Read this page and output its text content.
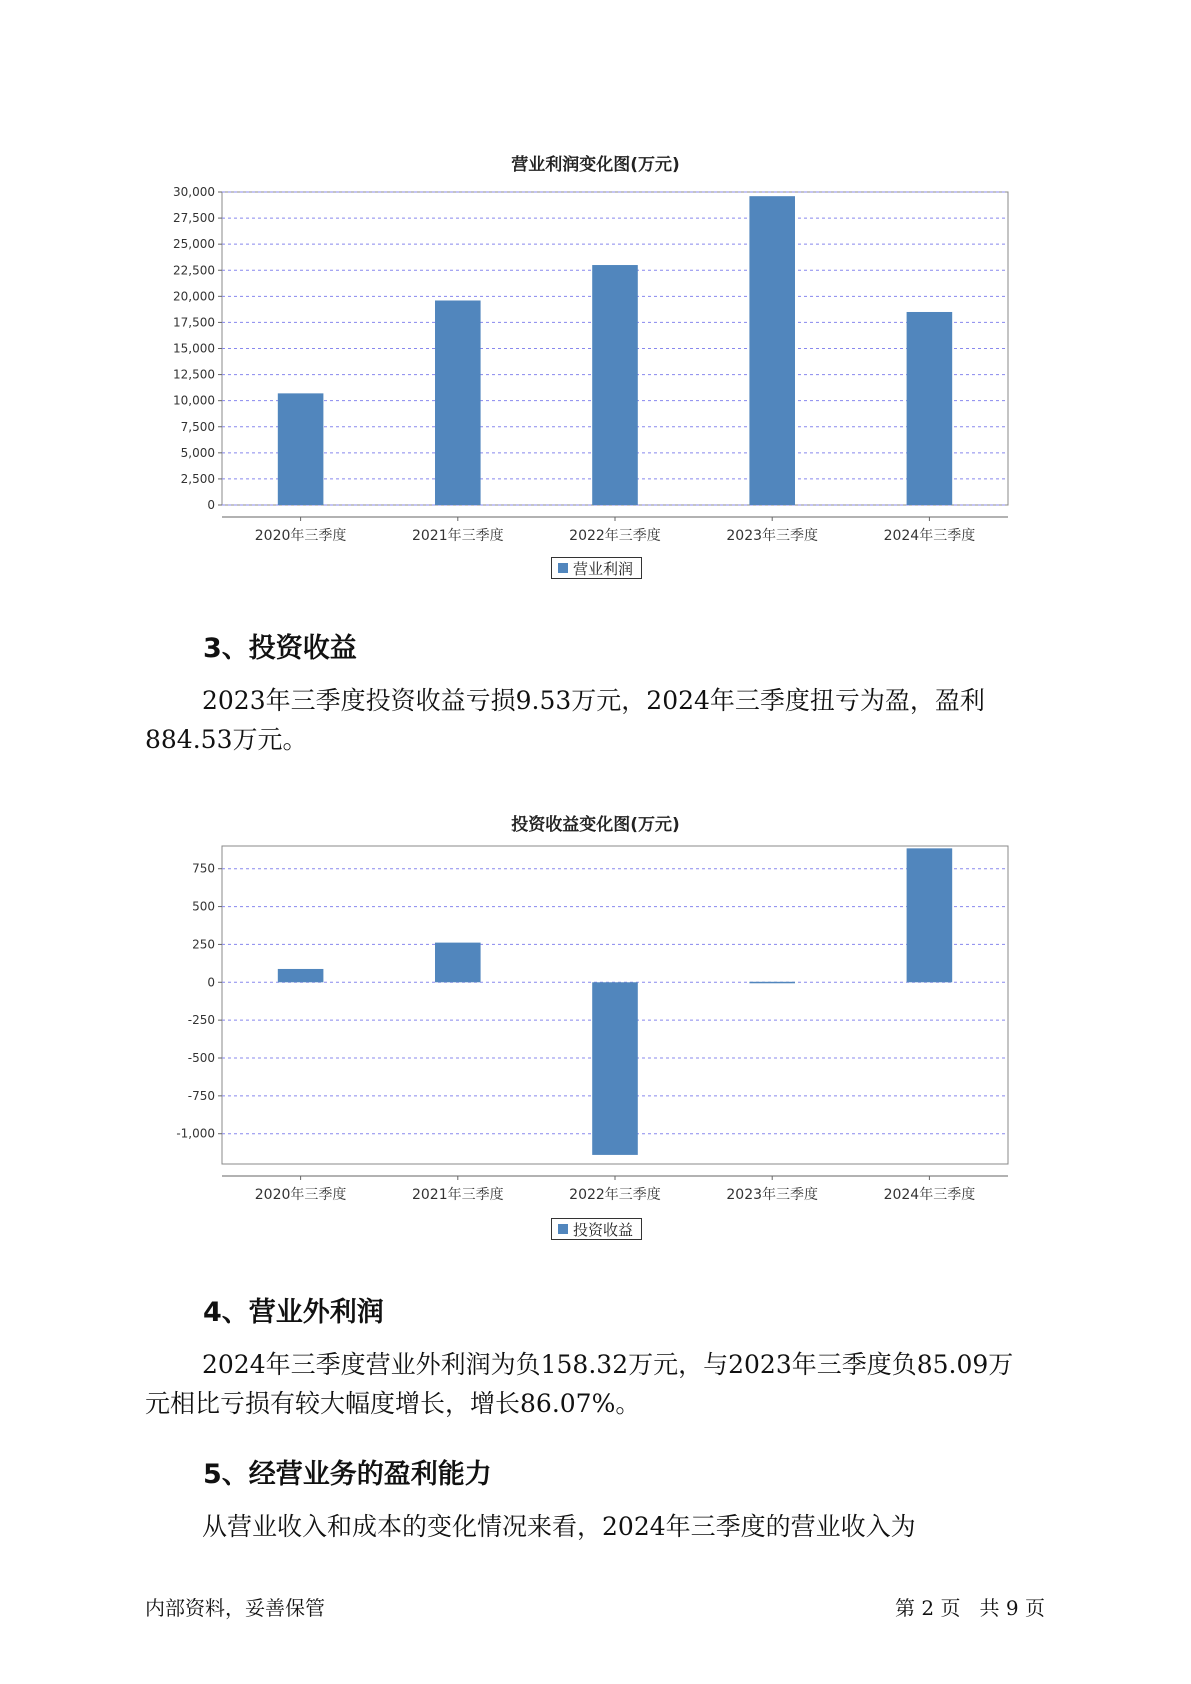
营业利润变化图(万元)
0
2,500
5,000
7,500
10,000
12,500
15,000
17,500
20,000
22,500
25,000
27,500
30,000
2020年三季度	2021年三季度	2022年三季度	2023年三季度	2024年三季度
营业利润
3、投资收益
2023年三季度投资收益亏损9.53万元，2024年三季度扭亏为盈，盈利
884.53万元。
投资收益变化图(万元)
-1,000
-750
-500
-250
0
250
500
750
2020年三季度	2021年三季度	2022年三季度	2023年三季度	2024年三季度
投资收益
4、营业外利润
2024年三季度营业外利润为负158.32万元，与2023年三季度负85.09万
元相比亏损有较大幅度增长，增长86.07%。
5、经营业务的盈利能力
从营业收入和成本的变化情况来看，2024年三季度的营业收入为
内部资料，妥善保管	第 2 页   共 9 页
